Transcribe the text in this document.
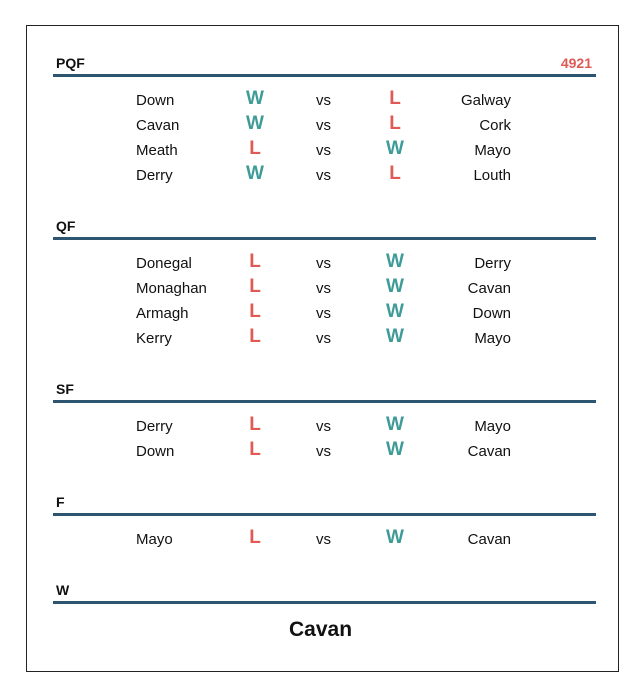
PQF	4921
Down	W	vs	L	Galway
Cavan	W	vs	L	Cork
Meath	L	vs	W	Mayo
Derry	W	vs	L	Louth
QF
Donegal	L	vs	W	Derry
Monaghan	L	vs	W	Cavan
Armagh	L	vs	W	Down
Kerry	L	vs	W	Mayo
SF
Derry	L	vs	W	Mayo
Down	L	vs	W	Cavan
F
Mayo	L	vs	W	Cavan
W
Cavan
